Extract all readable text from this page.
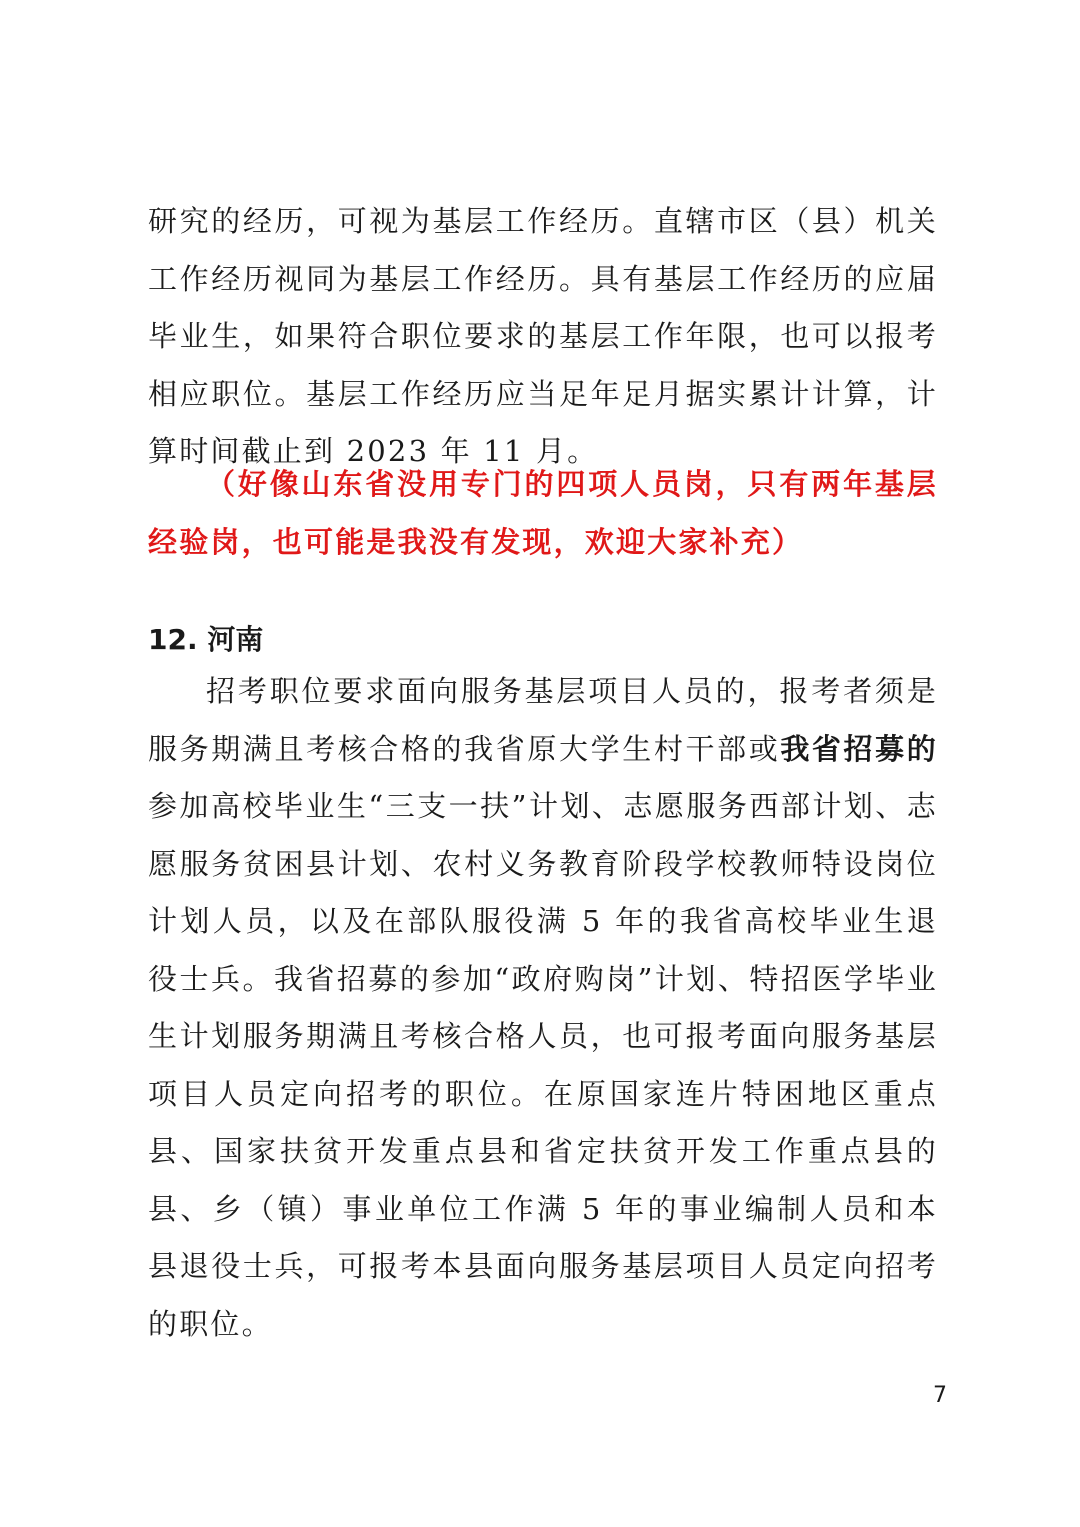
研究的经历，可视为基层工作经历。直辖市区（县）机关工作经历视同为基层工作经历。具有基层工作经历的应届毕业生，如果符合职位要求的基层工作年限，也可以报考相应职位。基层工作经历应当足年足月据实累计计算，计算时间截止到 2023 年 11 月。

（好像山东省没用专门的四项人员岗，只有两年基层经验岗，也可能是我没有发现，欢迎大家补充）

12. 河南

招考职位要求面向服务基层项目人员的，报考者须是服务期满且考核合格的我省原大学生村干部或我省招募的参加高校毕业生“三支一扶”计划、志愿服务西部计划、志愿服务贫困县计划、农村义务教育阶段学校教师特设岗位计划人员，以及在部队服役满 5 年的我省高校毕业生退役士兵。我省招募的参加“政府购岗”计划、特招医学毕业生计划服务期满且考核合格人员，也可报考面向服务基层项目人员定向招考的职位。在原国家连片特困地区重点县、国家扶贫开发重点县和省定扶贫开发工作重点县的县、乡（镇）事业单位工作满 5 年的事业编制人员和本县退役士兵，可报考本县面向服务基层项目人员定向招考的职位。

7
